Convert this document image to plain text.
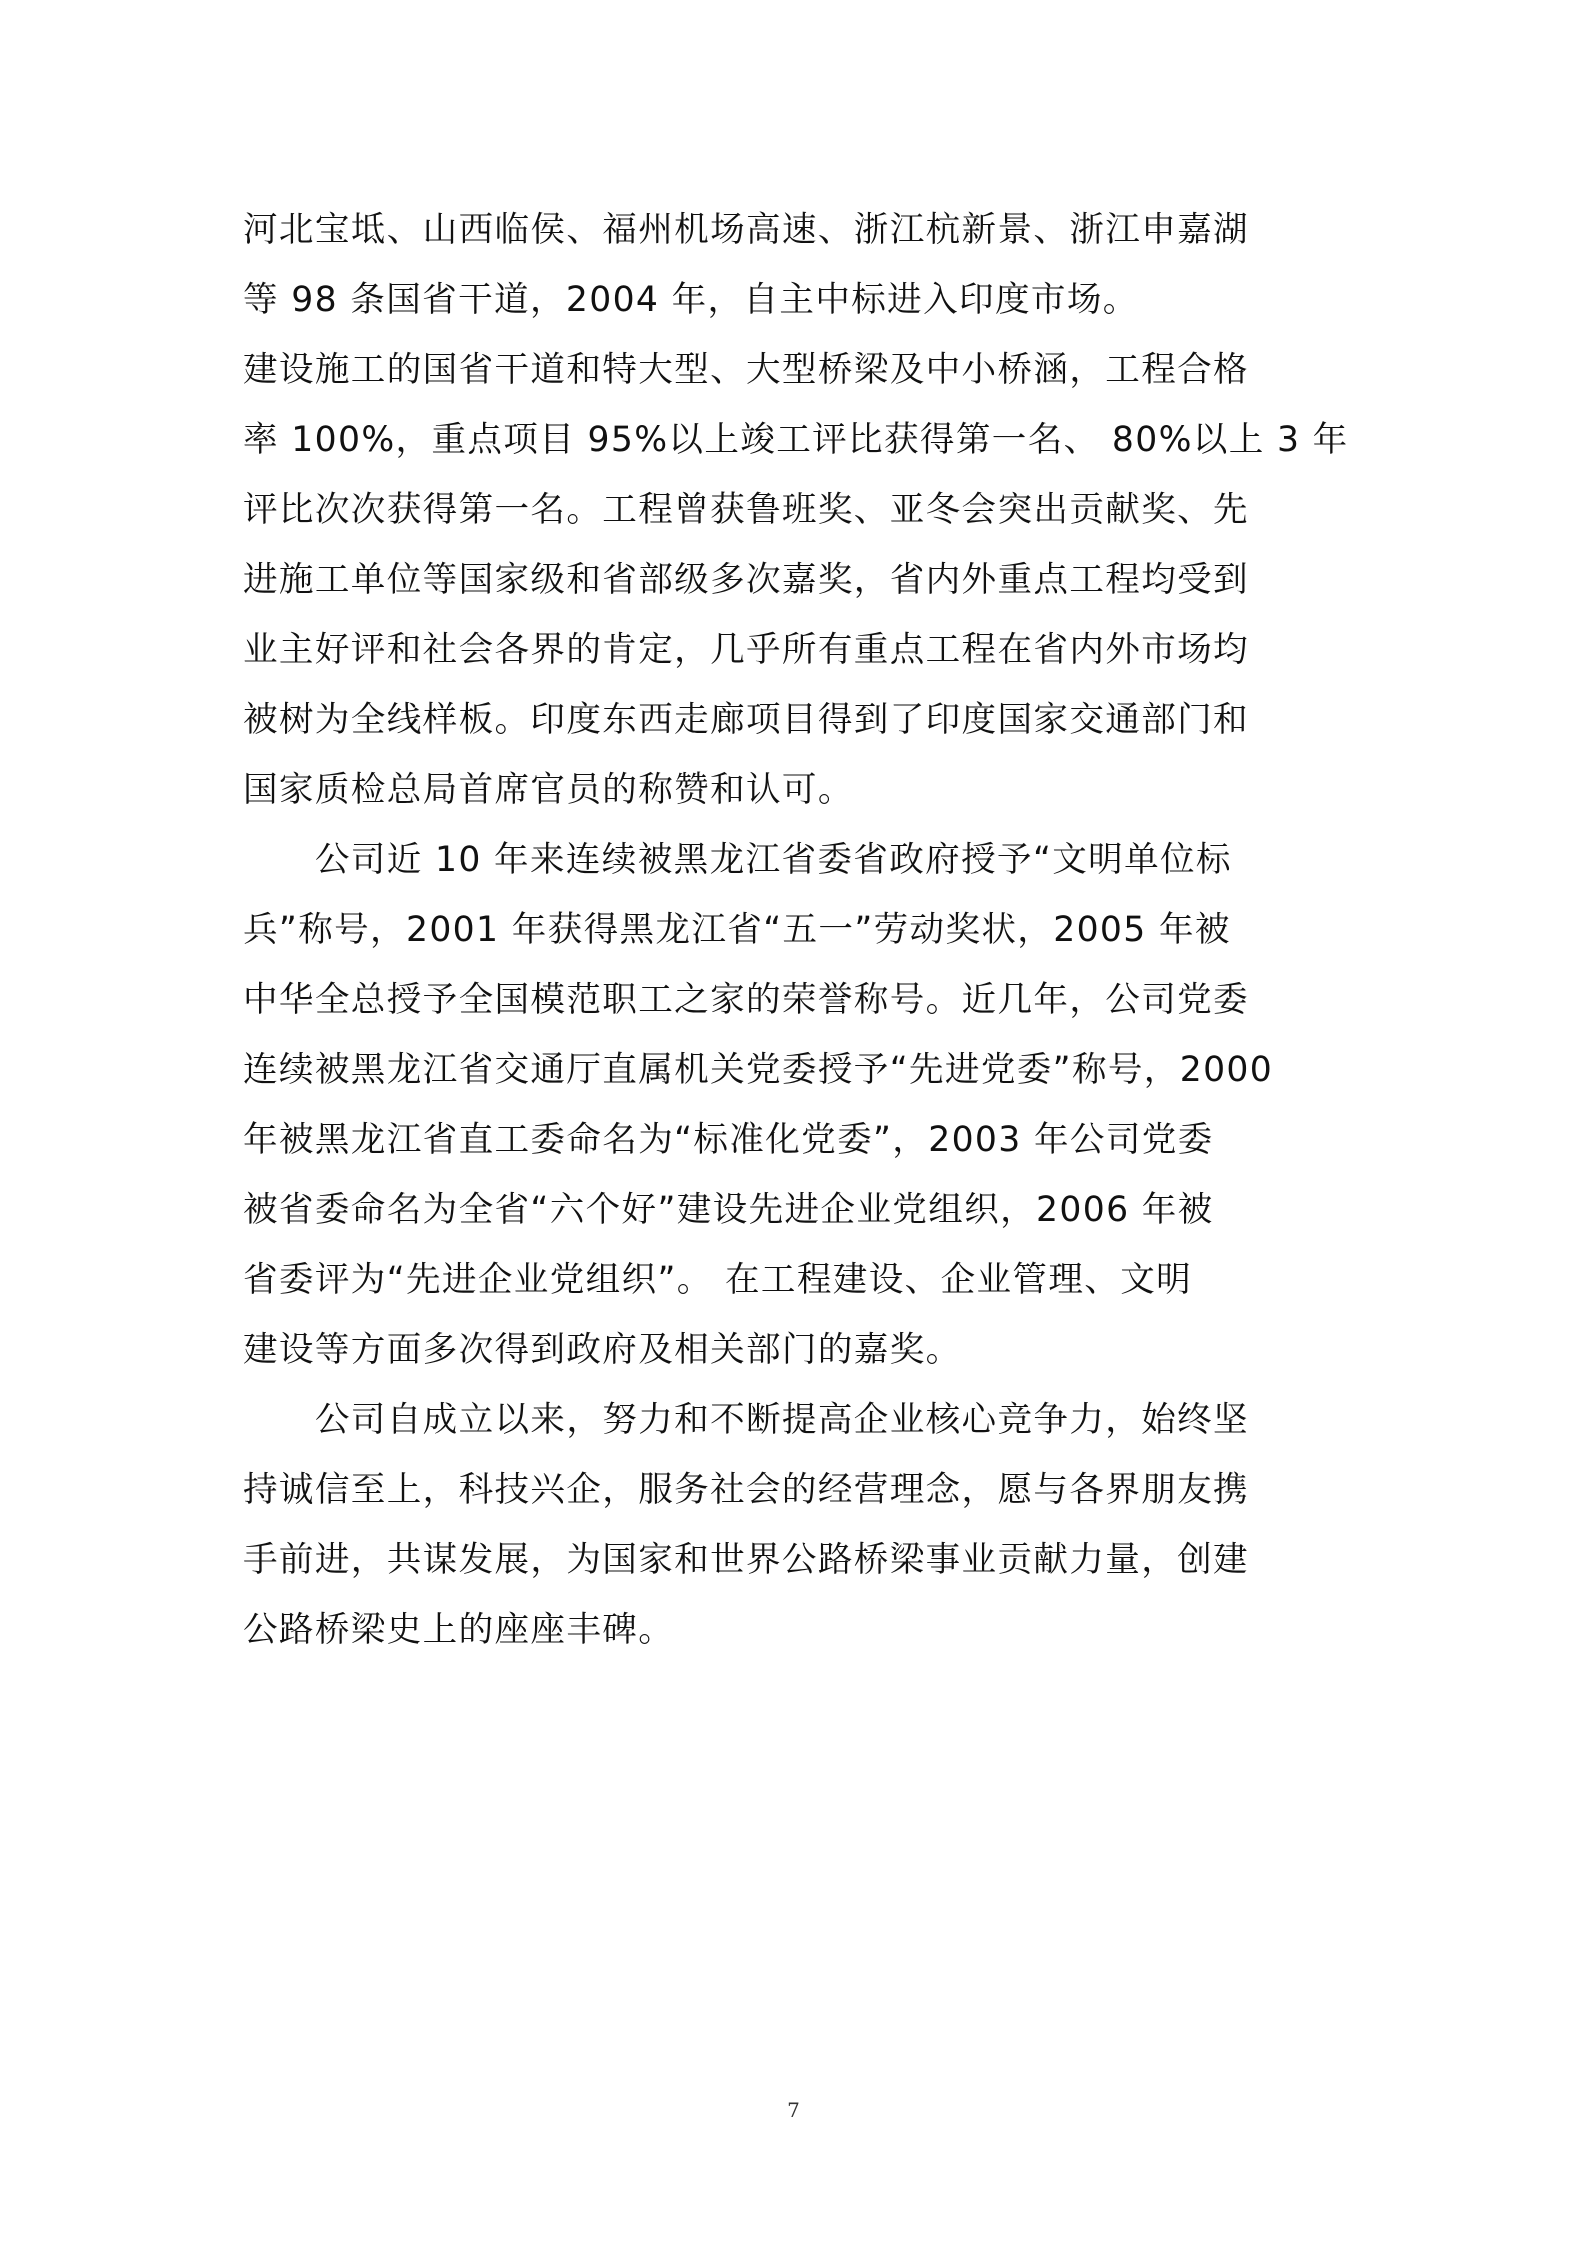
河北宝坻、山西临侯、福州机场高速、浙江杭新景、浙江申嘉湖
等 98 条国省干道，2004 年，自主中标进入印度市场。
建设施工的国省干道和特大型、大型桥梁及中小桥涵，工程合格
率 100%，重点项目 95%以上竣工评比获得第一名、 80%以上 3 年
评比次次获得第一名。工程曾获鲁班奖、亚冬会突出贡献奖、先
进施工单位等国家级和省部级多次嘉奖，省内外重点工程均受到
业主好评和社会各界的肯定，几乎所有重点工程在省内外市场均
被树为全线样板。印度东西走廊项目得到了印度国家交通部门和
国家质检总局首席官员的称赞和认可。
　　公司近 10 年来连续被黑龙江省委省政府授予“文明单位标
兵”称号，2001 年获得黑龙江省“五一”劳动奖状，2005 年被
中华全总授予全国模范职工之家的荣誉称号。近几年，公司党委
连续被黑龙江省交通厅直属机关党委授予“先进党委”称号，2000
年被黑龙江省直工委命名为“标准化党委”，2003 年公司党委
被省委命名为全省“六个好”建设先进企业党组织，2006 年被
省委评为“先进企业党组织”。 在工程建设、企业管理、文明
建设等方面多次得到政府及相关部门的嘉奖。
　　公司自成立以来，努力和不断提高企业核心竞争力，始终坚
持诚信至上，科技兴企，服务社会的经营理念，愿与各界朋友携
手前进，共谋发展，为国家和世界公路桥梁事业贡献力量，创建
公路桥梁史上的座座丰碑。
7
